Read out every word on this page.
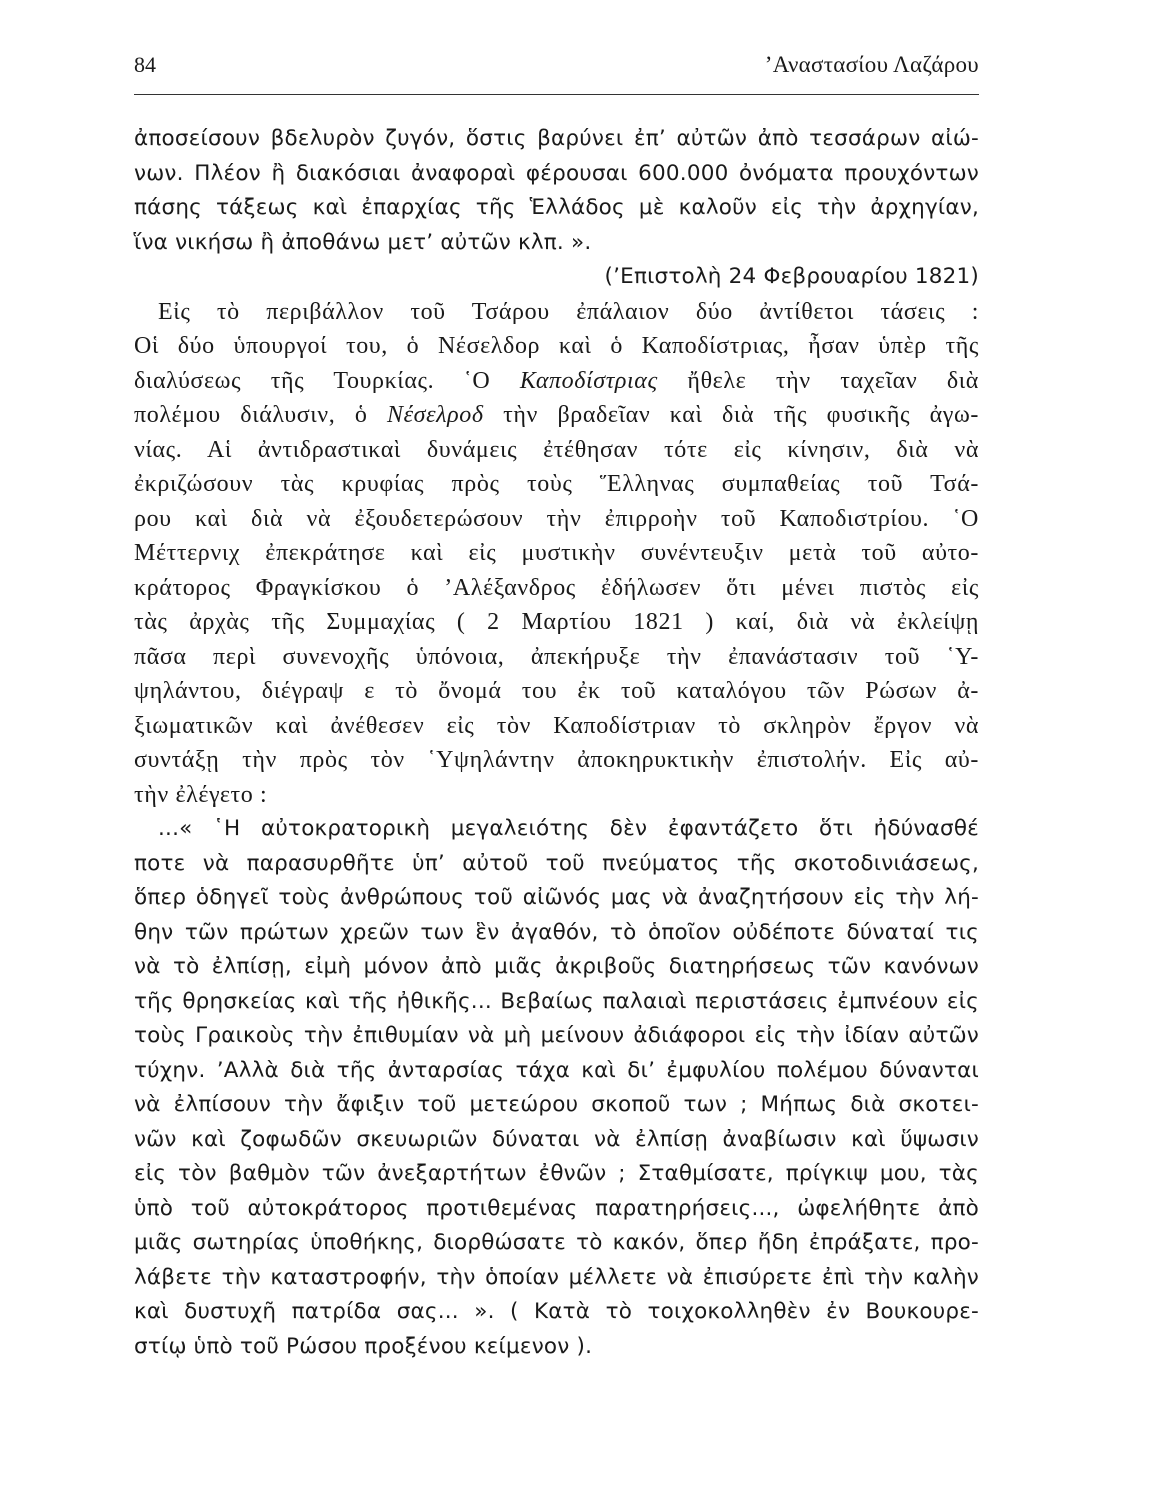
84	’Αναστασίου Λαζάρου
ἀποσείσουν βδελυρὸν ζυγόν, ὅστις βαρύνει ἐπ’ αὐτῶν ἀπὸ τεσσάρων αἰώ-
νων. Πλέον ἢ διακόσιαι ἀναφοραὶ φέρουσαι 600.000 ὀνόματα προυχόντων
πάσης τάξεως καὶ ἐπαρχίας τῆς Ἑλλάδος μὲ καλοῦν εἰς τὴν ἀρχηγίαν,
ἵνα νικήσω ἢ ἀποθάνω μετ’ αὐτῶν κλπ. ».
(’Επιστολὴ 24 Φεβρουαρίου 1821)
Εἰς τὸ περιβάλλον τοῦ Τσάρου ἐπάλαιον δύο ἀντίθετοι τάσεις :
Οἱ δύο ὑπουργοί του, ὁ Νέσελδορ καὶ ὁ Καποδίστριας, ἦσαν ὑπὲρ τῆς
διαλύσεως τῆς Τουρκίας. ῾Ο Καποδίστριας ἤθελε τὴν ταχεῖαν διὰ
πολέμου διάλυσιν, ὁ Νέσελροδ τὴν βραδεῖαν καὶ διὰ τῆς φυσικῆς ἀγω-
νίας. Αἱ ἀντιδραστικαὶ δυνάμεις ἐτέθησαν τότε εἰς κίνησιν, διὰ νὰ
ἐκριζώσουν τὰς κρυφίας πρὸς τοὺς Ἕλληνας συμπαθείας τοῦ Τσά-
ρου καὶ διὰ νὰ ἐξουδετερώσουν τὴν ἐπιρροὴν τοῦ Καποδιστρίου. ῾Ο
Μέττερνιχ ἐπεκράτησε καὶ εἰς μυστικὴν συνέντευξιν μετὰ τοῦ αὐτο-
κράτορος Φραγκίσκου ὁ ’Αλέξανδρος ἐδήλωσεν ὅτι μένει πιστὸς εἰς
τὰς ἀρχὰς τῆς Συμμαχίας ( 2 Μαρτίου 1821 ) καί, διὰ νὰ ἐκλείψῃ
πᾶσα περὶ συνενοχῆς ὑπόνοια, ἀπεκήρυξε τὴν ἐπανάστασιν τοῦ ῾Υ-
ψηλάντου, διέγραψ ε τὸ ὄνομά του ἐκ τοῦ καταλόγου τῶν Ρώσων ἀ-
ξιωματικῶν καὶ ἀνέθεσεν εἰς τὸν Καποδίστριαν τὸ σκληρὸν ἔργον νὰ
συντάξῃ τὴν πρὸς τὸν ῾Υψηλάντην ἀποκηρυκτικὴν ἐπιστολήν. Εἰς αὐ-
τὴν ἐλέγετο :
...« ῾Η αὐτοκρατορικὴ μεγαλειότης δὲν ἐφαντάζετο ὅτι ἠδύνασθέ
ποτε νὰ παρασυρθῆτε ὑπ’ αὐτοῦ τοῦ πνεύματος τῆς σκοτοδινιάσεως,
ὅπερ ὁδηγεῖ τοὺς ἀνθρώπους τοῦ αἰῶνός μας νὰ ἀναζητήσουν εἰς τὴν λή-
θην τῶν πρώτων χρεῶν των ἓν ἀγαθόν, τὸ ὁποῖον οὐδέποτε δύναταί τις
νὰ τὸ ἐλπίσῃ, εἰμὴ μόνον ἀπὸ μιᾶς ἀκριβοῦς διατηρήσεως τῶν κανόνων
τῆς θρησκείας καὶ τῆς ἠθικῆς... Βεβαίως παλαιαὶ περιστάσεις ἐμπνέουν εἰς
τοὺς Γραικοὺς τὴν ἐπιθυμίαν νὰ μὴ μείνουν ἀδιάφοροι εἰς τὴν ἰδίαν αὐτῶν
τύχην. ’Αλλὰ διὰ τῆς ἀνταρσίας τάχα καὶ δι’ ἐμφυλίου πολέμου δύνανται
νὰ ἐλπίσουν τὴν ἄφιξιν τοῦ μετεώρου σκοποῦ των ; Μήπως διὰ σκοτει-
νῶν καὶ ζοφωδῶν σκευωριῶν δύναται νὰ ἐλπίσῃ ἀναβίωσιν καὶ ὕψωσιν
εἰς τὸν βαθμὸν τῶν ἀνεξαρτήτων ἐθνῶν ; Σταθμίσατε, πρίγκιψ μου, τὰς
ὑπὸ τοῦ αὐτοκράτορος προτιθεμένας παρατηρήσεις..., ὠφελήθητε ἀπὸ
μιᾶς σωτηρίας ὑποθήκης, διορθώσατε τὸ κακόν, ὅπερ ἤδη ἐπράξατε, προ-
λάβετε τὴν καταστροφήν, τὴν ὁποίαν μέλλετε νὰ ἐπισύρετε ἐπὶ τὴν καλὴν
καὶ δυστυχῆ πατρίδα σας... ». ( Κατὰ τὸ τοιχοκολληθὲν ἐν Βουκουρε-
στίῳ ὑπὸ τοῦ Ρώσου προξένου κείμενον ).
